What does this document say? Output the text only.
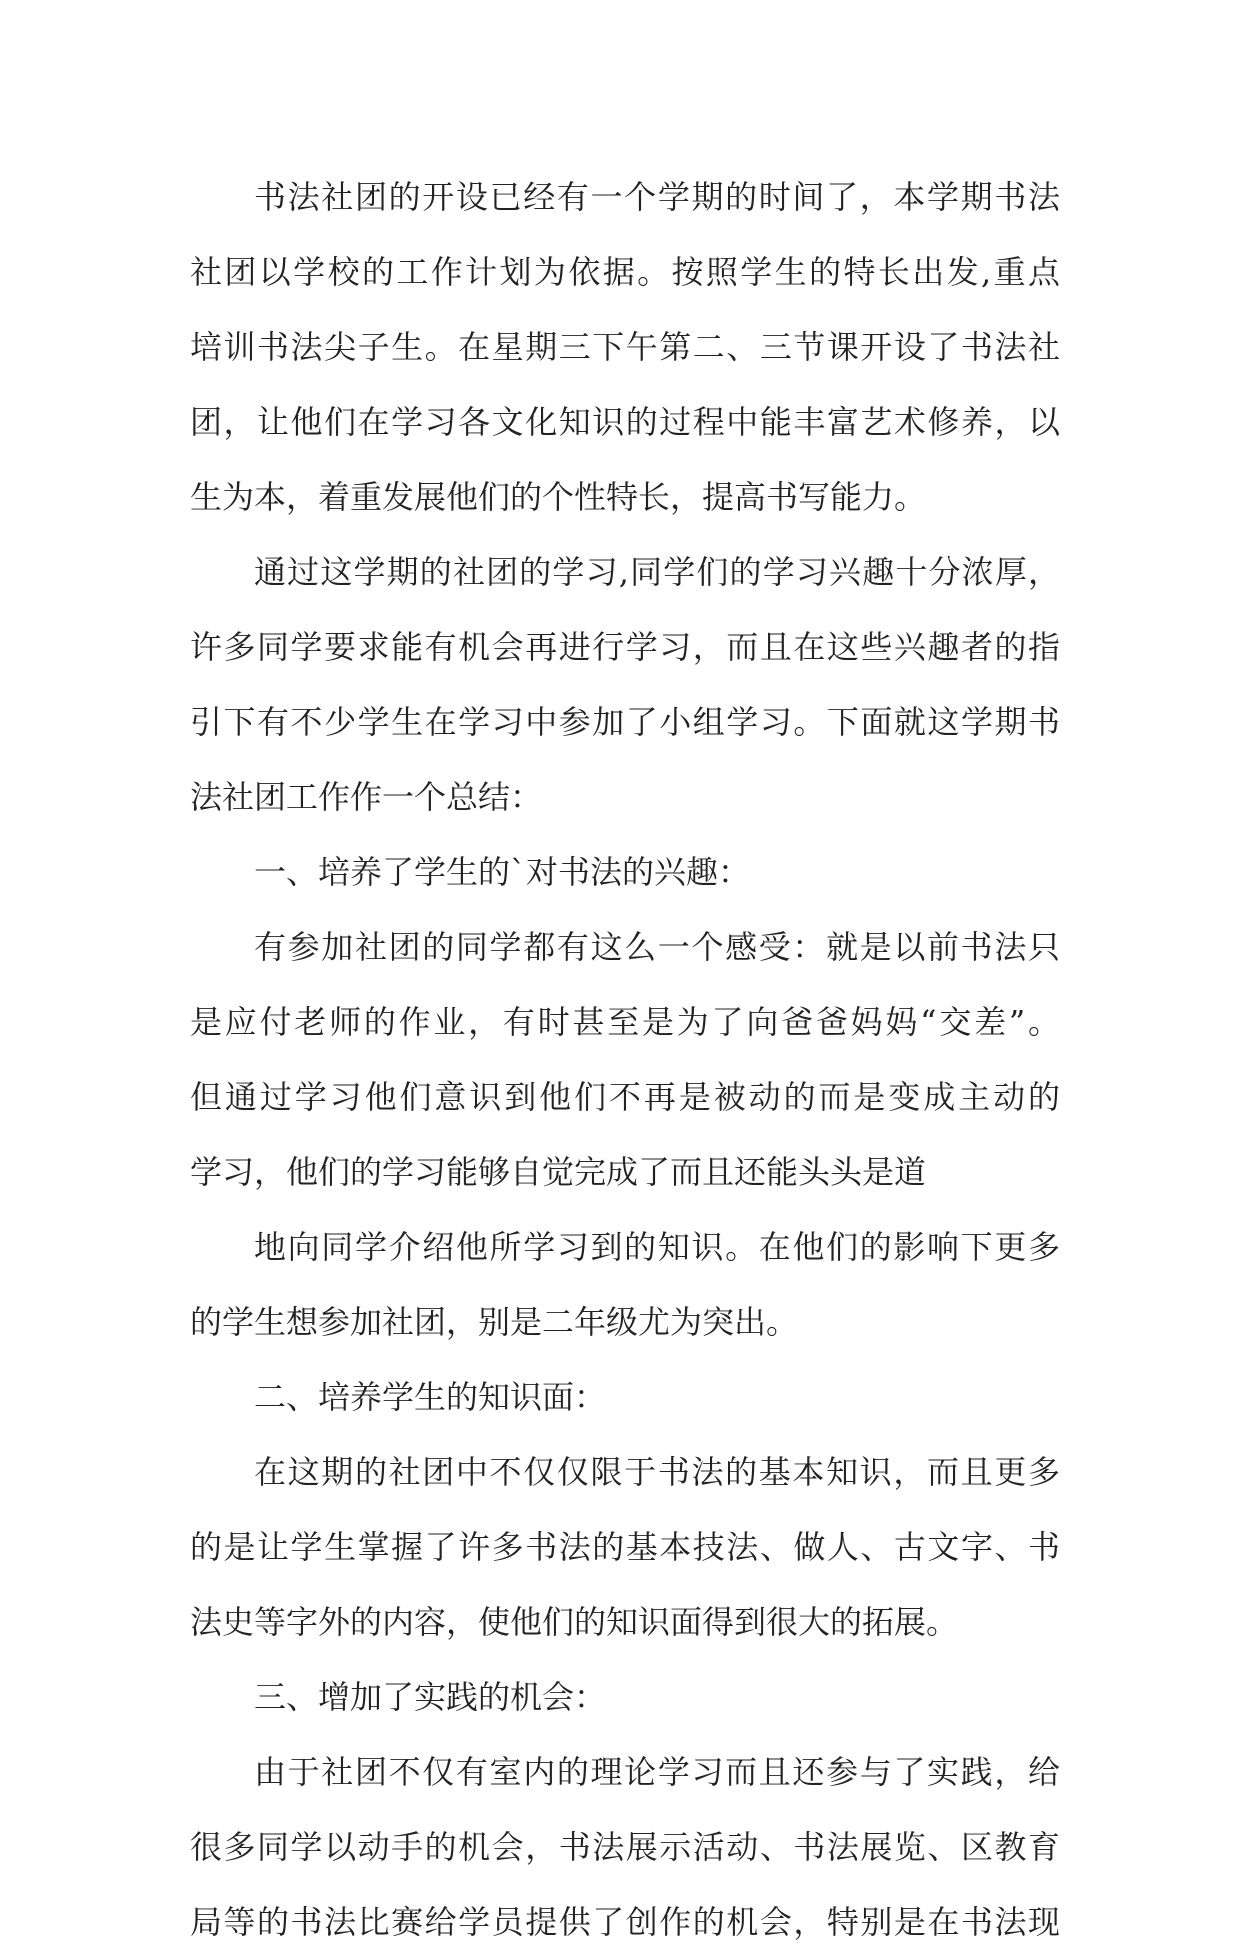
书法社团的开设已经有一个学期的时间了，本学期书法
社团以学校的工作计划为依据。按照学生的特长出发,重点
培训书法尖子生。在星期三下午第二、三节课开设了书法社
团，让他们在学习各文化知识的过程中能丰富艺术修养，以
生为本，着重发展他们的个性特长，提高书写能力。
通过这学期的社团的学习,同学们的学习兴趣十分浓厚，
许多同学要求能有机会再进行学习，而且在这些兴趣者的指
引下有不少学生在学习中参加了小组学习。下面就这学期书
法社团工作作一个总结：
一、培养了学生的`对书法的兴趣：
有参加社团的同学都有这么一个感受：就是以前书法只
是应付老师的作业，有时甚至是为了向爸爸妈妈“交差”。
但通过学习他们意识到他们不再是被动的而是变成主动的
学习，他们的学习能够自觉完成了而且还能头头是道
地向同学介绍他所学习到的知识。在他们的影响下更多
的学生想参加社团，别是二年级尤为突出。
二、培养学生的知识面：
在这期的社团中不仅仅限于书法的基本知识，而且更多
的是让学生掌握了许多书法的基本技法、做人、古文字、书
法史等字外的内容，使他们的知识面得到很大的拓展。
三、增加了实践的机会：
由于社团不仅有室内的理论学习而且还参与了实践，给
很多同学以动手的机会，书法展示活动、书法展览、区教育
局等的书法比赛给学员提供了创作的机会，特别是在书法现
